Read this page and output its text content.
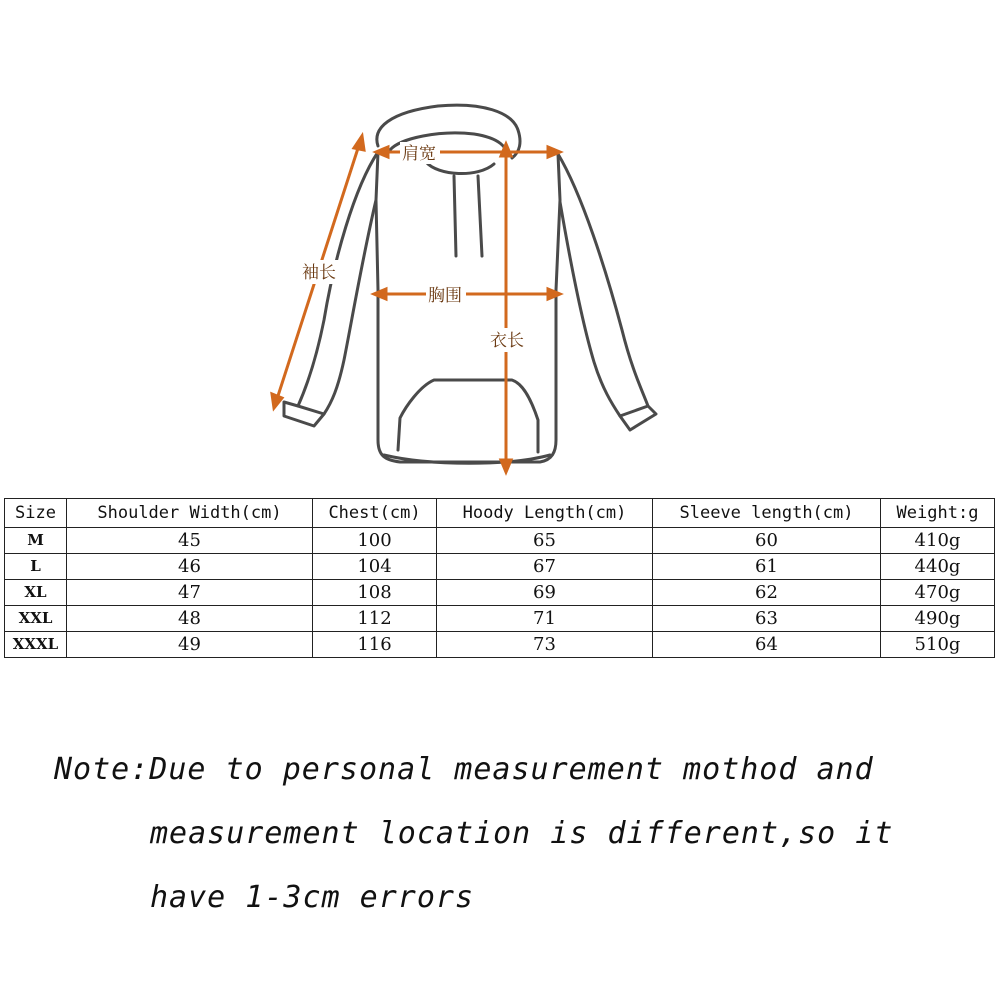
肩宽
袖长
胸围
衣长
Size	Shoulder Width(cm)	Chest(cm)	Hoody Length(cm)	Sleeve length(cm)	Weight:g
M	45	100	65	60	410g
L	46	104	67	61	440g
XL	47	108	69	62	470g
XXL	48	112	71	63	490g
XXXL	49	116	73	64	510g
Note:Due to personal measurement mothod and
measurement location is different,so it
have 1-3cm errors
